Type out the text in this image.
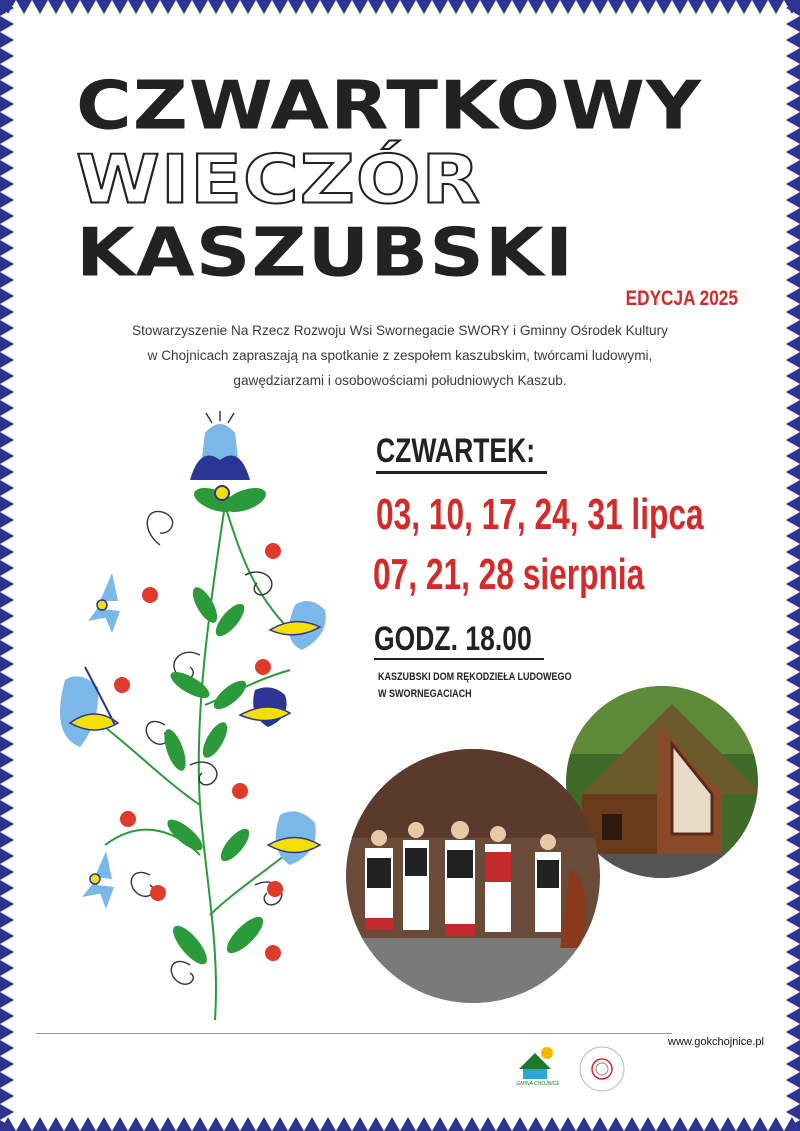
CZWARTKOWY
WIECZÓR
KASZUBSKI
EDYCJA 2025
Stowarzyszenie Na Rzecz Rozwoju Wsi Swornegacie SWORY i Gminny Ośrodek Kultury
w Chojnicach zapraszają na spotkanie z zespołem kaszubskim, twórcami ludowymi,
gawędziarzami i osobowościami południowych Kaszub.
CZWARTEK:
03, 10, 17, 24, 31 lipca
07, 21, 28 sierpnia
GODZ. 18.00
KASZUBSKI DOM RĘKODZIEŁA LUDOWEGO
W SWORNEGACIACH
www.gokchojnice.pl
GMINA CHOJNICE
